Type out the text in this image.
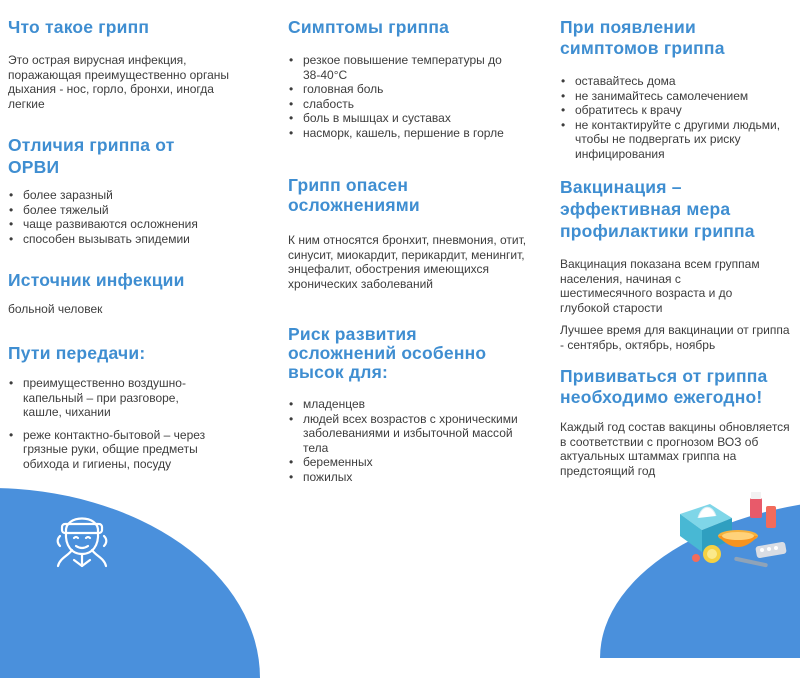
Что такое грипп

Это острая вирусная инфекция, поражающая преимущественно органы дыхания - нос, горло, бронхи, иногда легкие

Отличия гриппа от
ОРВИ
• более заразный
• более тяжелый
• чаще развиваются осложнения
• способен вызывать эпидемии
Источник инфекции

больной человек

Пути передачи:
• преимущественно воздушно-капельный – при разговоре, кашле, чихании
• реже контактно-бытовой – через грязные руки, общие предметы обихода и гигиены, посуду
Симптомы гриппа
• резкое повышение температуры до 38-40°С
• головная боль
• слабость
• боль в мышцах и суставах
• насморк, кашель, першение в горле
Грипп опасен
осложнениями

К ним относятся бронхит, пневмония, отит, синусит, миокардит, перикардит, менингит, энцефалит, обострения имеющихся хронических заболеваний

Риск развития
осложнений особенно
высок для:
• младенцев
• людей всех возрастов с хроническими заболеваниями и избыточной массой тела
• беременных
• пожилых
При появлении
симптомов гриппа
• оставайтесь дома
• не занимайтесь самолечением
• обратитесь к врачу
• не контактируйте с другими людьми, чтобы не подвергать их риску инфицирования
Вакцинация –
эффективная мера
профилактики гриппа

Вакцинация показана всем группам населения, начиная с шестимесячного возраста и до глубокой старости

Лучшее время для вакцинации от гриппа - сентябрь, октябрь, ноябрь

Прививаться от гриппа
необходимо ежегодно!

Каждый год состав вакцины обновляется в соответствии с прогнозом ВОЗ об актуальных штаммах гриппа на предстоящий год
